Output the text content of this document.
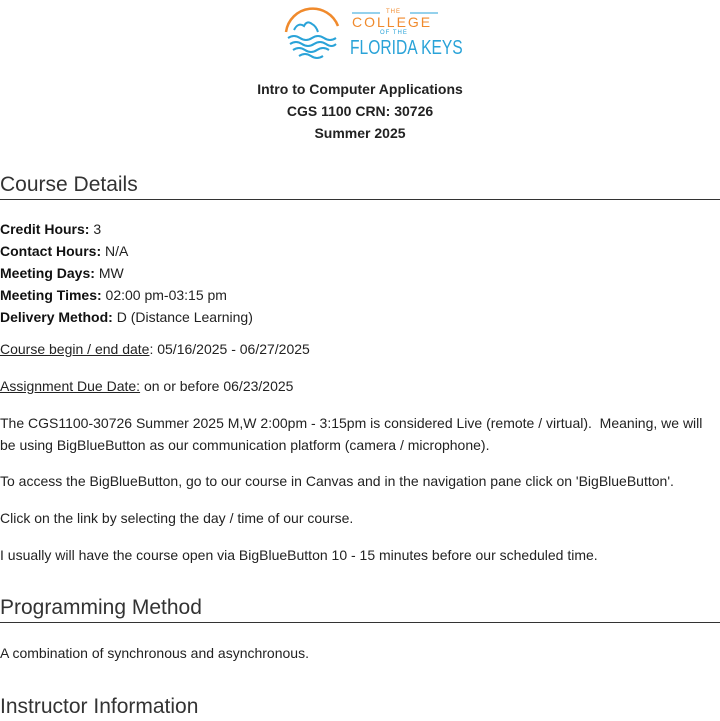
THE
COLLEGE
OF THE
FLORIDA KEYS
Intro to Computer Applications
CGS 1100 CRN: 30726
Summer 2025
Course Details
Credit Hours: 3
Contact Hours: N/A
Meeting Days: MW
Meeting Times: 02:00 pm-03:15 pm
Delivery Method: D (Distance Learning)
Course begin / end date: 05/16/2025 - 06/27/2025
Assignment Due Date: on or before 06/23/2025
The CGS1100-30726 Summer 2025 M,W 2:00pm - 3:15pm is considered Live (remote / virtual).  Meaning, we will be using BigBlueButton as our communication platform (camera / microphone).
To access the BigBlueButton, go to our course in Canvas and in the navigation pane click on 'BigBlueButton'.
Click on the link by selecting the day / time of our course.
I usually will have the course open via BigBlueButton 10 - 15 minutes before our scheduled time.
Programming Method
A combination of synchronous and asynchronous.
Instructor Information
